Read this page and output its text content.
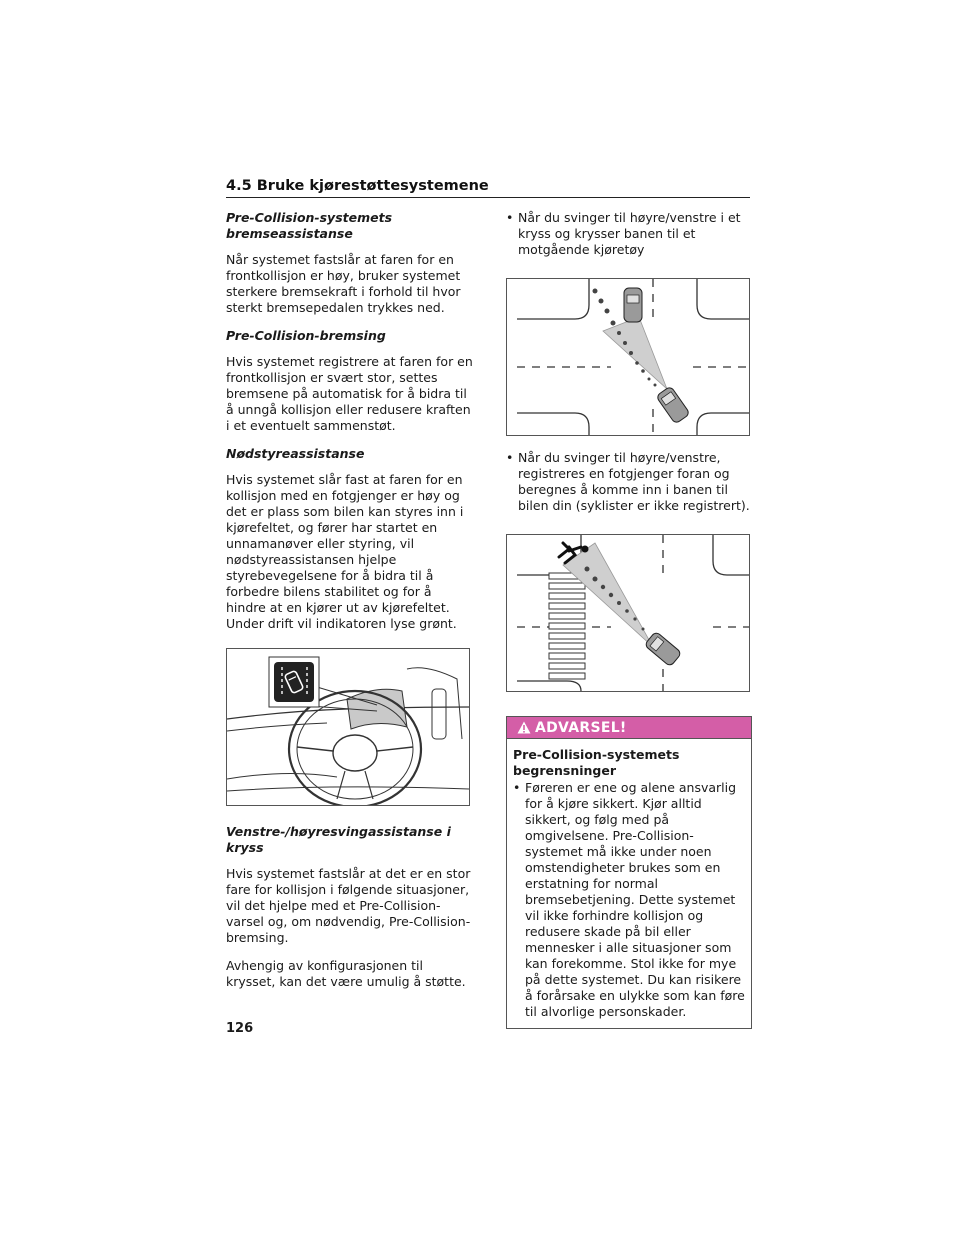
4.5 Bruke kjørestøttesystemene

Pre-Collision-systemets bremseassistanse

Når systemet fastslår at faren for en frontkollisjon er høy, bruker systemet sterkere bremsekraft i forhold til hvor sterkt bremsepedalen trykkes ned.

Pre-Collision-bremsing

Hvis systemet registrere at faren for en frontkollisjon er svært stor, settes bremsene på automatisk for å bidra til å unngå kollisjon eller redusere kraften i et eventuelt sammenstøt.

Nødstyreassistanse

Hvis systemet slår fast at faren for en kollisjon med en fotgjenger er høy og det er plass som bilen kan styres inn i kjørefeltet, og fører har startet en unnamanøver eller styring, vil nødstyreassistansen hjelpe styrebevegelsene for å bidra til å forbedre bilens stabilitet og for å hindre at en kjører ut av kjørefeltet. Under drift vil indikatoren lyse grønt.

Venstre-/høyresvingassistanse i kryss

Hvis systemet fastslår at det er en stor fare for kollisjon i følgende situasjoner, vil det hjelpe med et Pre-Collision-varsel og, om nødvendig, Pre-Collision-bremsing.

Avhengig av konfigurasjonen til krysset, kan det være umulig å støtte.

• Når du svinger til høyre/venstre i et kryss og krysser banen til et motgående kjøretøy

• Når du svinger til høyre/venstre, registreres en fotgjenger foran og beregnes å komme inn i banen til bilen din (syklister er ikke registrert).

ADVARSEL!

Pre-Collision-systemets begrensninger

• Føreren er ene og alene ansvarlig for å kjøre sikkert. Kjør alltid sikkert, og følg med på omgivelsene. Pre-Collision-systemet må ikke under noen omstendigheter brukes som en erstatning for normal bremsebetjening. Dette systemet vil ikke forhindre kollisjon og redusere skade på bil eller mennesker i alle situasjoner som kan forekomme. Stol ikke for mye på dette systemet. Du kan risikere å forårsake en ulykke som kan føre til alvorlige personskader.
126
